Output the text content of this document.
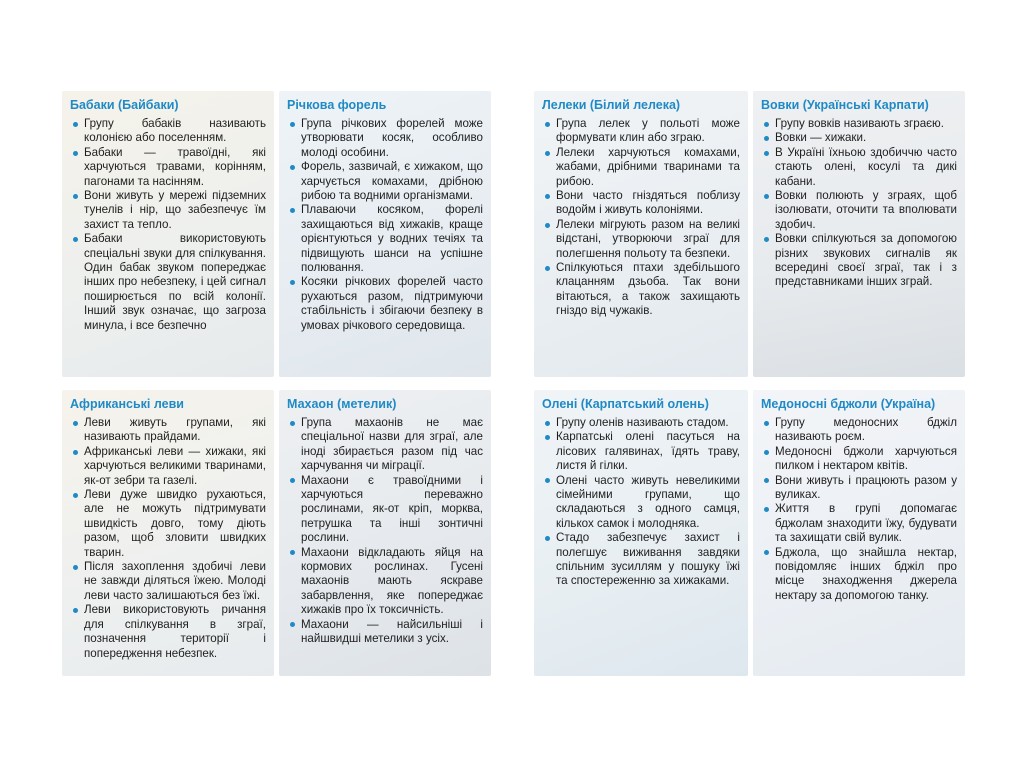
Бабаки (Байбаки)
Групу бабаків називають колонією або поселенням.
Бабаки — травоїдні, які харчуються травами, корінням, пагонами та насінням.
Вони живуть у мережі підземних тунелів і нір, що забезпечує їм захист та тепло.
Бабаки використовують спеціальні звуки для спілкування. Один бабак звуком попереджає інших про небезпеку, і цей сигнал поширюється по всій колонії. Інший звук означає, що загроза минула, і все безпечно
Річкова форель
Група річкових форелей може утворювати косяк, особливо молоді особини.
Форель, зазвичай, є хижаком, що харчується комахами, дрібною рибою та водними організмами.
Плаваючи косяком, форелі захищаються від хижаків, краще орієнтуються у водних течіях та підвищують шанси на успішне полювання.
Косяки річкових форелей часто рухаються разом, підтримуючи стабільність і збігаючи безпеку в умовах річкового середовища.
Лелеки (Білий лелека)
Група лелек у польоті може формувати клин або зграю.
Лелеки харчуються комахами, жабами, дрібними тваринами та рибою.
Вони часто гніздяться поблизу водойм і живуть колоніями.
Лелеки мігрують разом на великі відстані, утворюючи зграї для полегшення польоту та безпеки.
Спілкуються птахи здебільшого клацанням дзьоба. Так вони вітаються, а також захищають гніздо від чужаків.
Вовки (Українські Карпати)
Групу вовків називають зграєю.
Вовки — хижаки.
В Україні їхньою здобиччю часто стають олені, косулі та дикі кабани.
Вовки полюють у зграях, щоб ізолювати, оточити та вполювати здобич.
Вовки спілкуються за допомогою різних звукових сигналів як всередині своєї зграї, так і з представниками інших зграй.
Африканські леви
Леви живуть групами, які називають прайдами.
Африканські леви — хижаки, які харчуються великими тваринами, як-от зебри та газелі.
Леви дуже швидко рухаються, але не можуть підтримувати швидкість довго, тому діють разом, щоб зловити швидких тварин.
Після захоплення здобичі леви не завжди діляться їжею. Молоді леви часто залишаються без їжі.
Леви використовують ричання для спілкування в зграї, позначення території і попередження небезпек.
Махаон (метелик)
Група махаонів не має спеціальної назви для зграї, але іноді збирається разом під час харчування чи міграції.
Махаони є травоїдними і харчуються переважно рослинами, як-от кріп, морква, петрушка та інші зонтичні рослини.
Махаони відкладають яйця на кормових рослинах. Гусені махаонів мають яскраве забарвлення, яке попереджає хижаків про їх токсичність.
Махаони — найсильніші і найшвидші метелики з усіх.
Олені (Карпатський олень)
Групу оленів називають стадом.
Карпатські олені пасуться на лісових галявинах, їдять траву, листя й гілки.
Олені часто живуть невеликими сімейними групами, що складаються з одного самця, кількох самок і молодняка.
Стадо забезпечує захист і полегшує виживання завдяки спільним зусиллям у пошуку їжі та спостереженню за хижаками.
Медоносні бджоли (Україна)
Групу медоносних бджіл називають роєм.
Медоносні бджоли харчуються пилком і нектаром квітів.
Вони живуть і працюють разом у вуликах.
Життя в групі допомагає бджолам знаходити їжу, будувати та захищати свій вулик.
Бджола, що знайшла нектар, повідомляє інших бджіл про місце знаходження джерела нектару за допомогою танку.
